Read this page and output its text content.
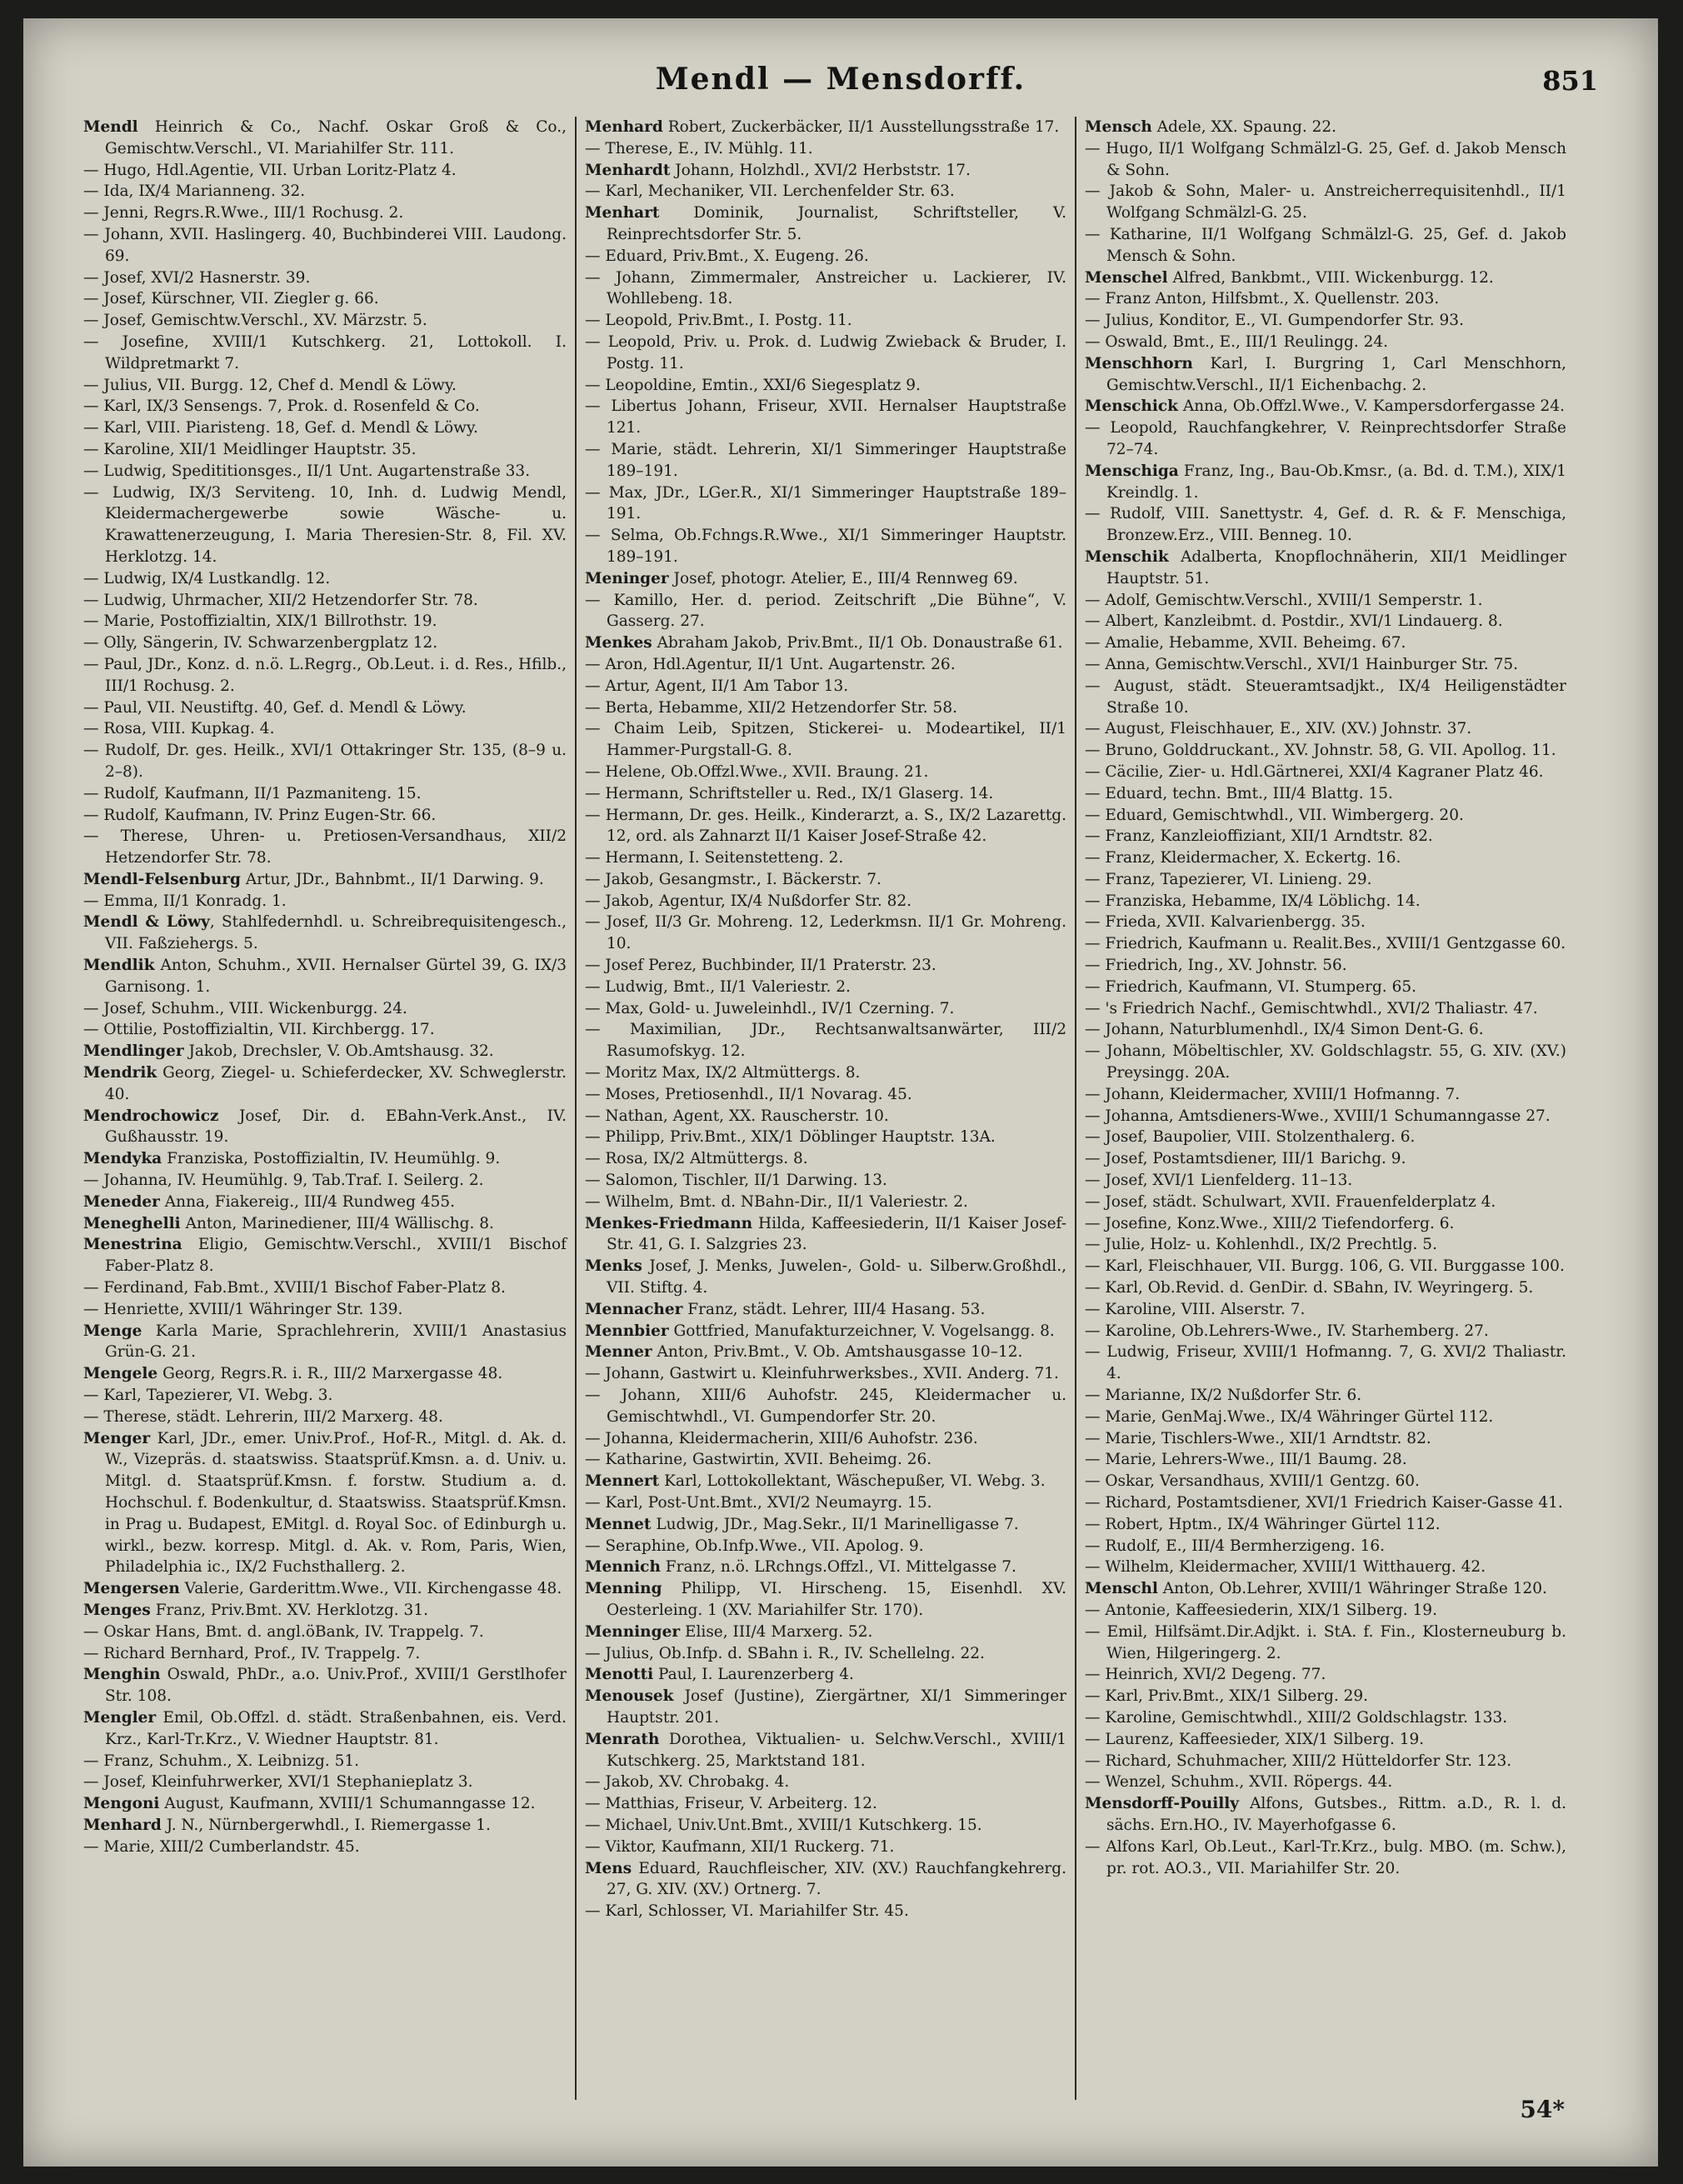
Mendl — Mensdorff.	851

Mendl Heinrich & Co., Nachf. Oskar Groß & Co., Gemischtw.Verschl., VI. Mariahilfer Str. 111.

— Hugo, Hdl.Agentie, VII. Urban Loritz-Platz 4.

— Ida, IX/4 Marianneng. 32.

— Jenni, Regrs.R.Wwe., III/1 Rochusg. 2.

— Johann, XVII. Haslingerg. 40, Buchbinderei VIII. Laudong. 69.

— Josef, XVI/2 Hasnerstr. 39.

— Josef, Kürschner, VII. Ziegler g. 66.

— Josef, Gemischtw.Verschl., XV. Märzstr. 5.

— Josefine, XVIII/1 Kutschkerg. 21, Lottokoll. I. Wildpretmarkt 7.

— Julius, VII. Burgg. 12, Chef d. Mendl & Löwy.

— Karl, IX/3 Sensengs. 7, Prok. d. Rosenfeld & Co.

— Karl, VIII. Piaristeng. 18, Gef. d. Mendl & Löwy.

— Karoline, XII/1 Meidlinger Hauptstr. 35.

— Ludwig, Spedititionsges., II/1 Unt. Augartenstraße 33.

— Ludwig, IX/3 Serviteng. 10, Inh. d. Ludwig Mendl, Kleidermachergewerbe sowie Wäsche- u. Krawattenerzeugung, I. Maria Theresien-Str. 8, Fil. XV. Herklotzg. 14.

— Ludwig, IX/4 Lustkandlg. 12.

— Ludwig, Uhrmacher, XII/2 Hetzendorfer Str. 78.

— Marie, Postoffizialtin, XIX/1 Billrothstr. 19.

— Olly, Sängerin, IV. Schwarzenbergplatz 12.

— Paul, JDr., Konz. d. n.ö. L.Regrg., Ob.Leut. i. d. Res., Hfilb., III/1 Rochusg. 2.

— Paul, VII. Neustiftg. 40, Gef. d. Mendl & Löwy.

— Rosa, VIII. Kupkag. 4.

— Rudolf, Dr. ges. Heilk., XVI/1 Ottakringer Str. 135, (8–9 u. 2–8).

— Rudolf, Kaufmann, II/1 Pazmaniteng. 15.

— Rudolf, Kaufmann, IV. Prinz Eugen-Str. 66.

— Therese, Uhren- u. Pretiosen-Versandhaus, XII/2 Hetzendorfer Str. 78.

Mendl-Felsenburg Artur, JDr., Bahnbmt., II/1 Darwing. 9.

— Emma, II/1 Konradg. 1.

Mendl & Löwy, Stahlfedernhdl. u. Schreibrequisitengesch., VII. Faßziehergs. 5.

Mendlik Anton, Schuhm., XVII. Hernalser Gürtel 39, G. IX/3 Garnisong. 1.

— Josef, Schuhm., VIII. Wickenburgg. 24.

— Ottilie, Postoffizialtin, VII. Kirchbergg. 17.

Mendlinger Jakob, Drechsler, V. Ob.Amtshausg. 32.

Mendrik Georg, Ziegel- u. Schieferdecker, XV. Schweglerstr. 40.

Mendrochowicz Josef, Dir. d. EBahn-Verk.Anst., IV. Gußhausstr. 19.

Mendyka Franziska, Postoffizialtin, IV. Heumühlg. 9.

— Johanna, IV. Heumühlg. 9, Tab.Traf. I. Seilerg. 2.

Meneder Anna, Fiakereig., III/4 Rundweg 455.

Meneghelli Anton, Marinediener, III/4 Wällischg. 8.

Menestrina Eligio, Gemischtw.Verschl., XVIII/1 Bischof Faber-Platz 8.

— Ferdinand, Fab.Bmt., XVIII/1 Bischof Faber-Platz 8.

— Henriette, XVIII/1 Währinger Str. 139.

Menge Karla Marie, Sprachlehrerin, XVIII/1 Anastasius Grün-G. 21.

Mengele Georg, Regrs.R. i. R., III/2 Marxergasse 48.

— Karl, Tapezierer, VI. Webg. 3.

— Therese, städt. Lehrerin, III/2 Marxerg. 48.

Menger Karl, JDr., emer. Univ.Prof., Hof-R., Mitgl. d. Ak. d. W., Vizepräs. d. staatswiss. Staatsprüf.Kmsn. a. d. Univ. u. Mitgl. d. Staatsprüf.Kmsn. f. forstw. Studium a. d. Hochschul. f. Bodenkultur, d. Staatswiss. Staatsprüf.Kmsn. in Prag u. Budapest, EMitgl. d. Royal Soc. of Edinburgh u. wirkl., bezw. korresp. Mitgl. d. Ak. v. Rom, Paris, Wien, Philadelphia ic., IX/2 Fuchsthallerg. 2.

Mengersen Valerie, Garderittm.Wwe., VII. Kirchengasse 48.

Menges Franz, Priv.Bmt. XV. Herklotzg. 31.

— Oskar Hans, Bmt. d. angl.öBank, IV. Trappelg. 7.

— Richard Bernhard, Prof., IV. Trappelg. 7.

Menghin Oswald, PhDr., a.o. Univ.Prof., XVIII/1 Gerstlhofer Str. 108.

Mengler Emil, Ob.Offzl. d. städt. Straßenbahnen, eis. Verd. Krz., Karl-Tr.Krz., V. Wiedner Hauptstr. 81.

— Franz, Schuhm., X. Leibnizg. 51.

— Josef, Kleinfuhrwerker, XVI/1 Stephanieplatz 3.

Mengoni August, Kaufmann, XVIII/1 Schumanngasse 12.

Menhard J. N., Nürnbergerwhdl., I. Riemergasse 1.

— Marie, XIII/2 Cumberlandstr. 45.

Menhard Robert, Zuckerbäcker, II/1 Ausstellungsstraße 17.

— Therese, E., IV. Mühlg. 11.

Menhardt Johann, Holzhdl., XVI/2 Herbststr. 17.

— Karl, Mechaniker, VII. Lerchenfelder Str. 63.

Menhart Dominik, Journalist, Schriftsteller, V. Reinprechtsdorfer Str. 5.

— Eduard, Priv.Bmt., X. Eugeng. 26.

— Johann, Zimmermaler, Anstreicher u. Lackierer, IV. Wohllebeng. 18.

— Leopold, Priv.Bmt., I. Postg. 11.

— Leopold, Priv. u. Prok. d. Ludwig Zwieback & Bruder, I. Postg. 11.

— Leopoldine, Emtin., XXI/6 Siegesplatz 9.

— Libertus Johann, Friseur, XVII. Hernalser Hauptstraße 121.

— Marie, städt. Lehrerin, XI/1 Simmeringer Hauptstraße 189–191.

— Max, JDr., LGer.R., XI/1 Simmeringer Hauptstraße 189–191.

— Selma, Ob.Fchngs.R.Wwe., XI/1 Simmeringer Hauptstr. 189–191.

Meninger Josef, photogr. Atelier, E., III/4 Rennweg 69.

— Kamillo, Her. d. period. Zeitschrift „Die Bühne“, V. Gasserg. 27.

Menkes Abraham Jakob, Priv.Bmt., II/1 Ob. Donaustraße 61.

— Aron, Hdl.Agentur, II/1 Unt. Augartenstr. 26.

— Artur, Agent, II/1 Am Tabor 13.

— Berta, Hebamme, XII/2 Hetzendorfer Str. 58.

— Chaim Leib, Spitzen, Stickerei- u. Modeartikel, II/1 Hammer-Purgstall-G. 8.

— Helene, Ob.Offzl.Wwe., XVII. Braung. 21.

— Hermann, Schriftsteller u. Red., IX/1 Glaserg. 14.

— Hermann, Dr. ges. Heilk., Kinderarzt, a. S., IX/2 Lazarettg. 12, ord. als Zahnarzt II/1 Kaiser Josef-Straße 42.

— Hermann, I. Seitenstetteng. 2.

— Jakob, Gesangmstr., I. Bäckerstr. 7.

— Jakob, Agentur, IX/4 Nußdorfer Str. 82.

— Josef, II/3 Gr. Mohreng. 12, Lederkmsn. II/1 Gr. Mohreng. 10.

— Josef Perez, Buchbinder, II/1 Praterstr. 23.

— Ludwig, Bmt., II/1 Valeriestr. 2.

— Max, Gold- u. Juweleinhdl., IV/1 Czerning. 7.

— Maximilian, JDr., Rechtsanwaltsanwärter, III/2 Rasumofskyg. 12.

— Moritz Max, IX/2 Altmüttergs. 8.

— Moses, Pretiosenhdl., II/1 Novarag. 45.

— Nathan, Agent, XX. Rauscherstr. 10.

— Philipp, Priv.Bmt., XIX/1 Döblinger Hauptstr. 13A.

— Rosa, IX/2 Altmüttergs. 8.

— Salomon, Tischler, II/1 Darwing. 13.

— Wilhelm, Bmt. d. NBahn-Dir., II/1 Valeriestr. 2.

Menkes-Friedmann Hilda, Kaffeesiederin, II/1 Kaiser Josef-Str. 41, G. I. Salzgries 23.

Menks Josef, J. Menks, Juwelen-, Gold- u. Silberw.Großhdl., VII. Stiftg. 4.

Mennacher Franz, städt. Lehrer, III/4 Hasang. 53.

Mennbier Gottfried, Manufakturzeichner, V. Vogelsangg. 8.

Menner Anton, Priv.Bmt., V. Ob. Amtshausgasse 10–12.

— Johann, Gastwirt u. Kleinfuhrwerksbes., XVII. Anderg. 71.

— Johann, XIII/6 Auhofstr. 245, Kleidermacher u. Gemischtwhdl., VI. Gumpendorfer Str. 20.

— Johanna, Kleidermacherin, XIII/6 Auhofstr. 236.

— Katharine, Gastwirtin, XVII. Beheimg. 26.

Mennert Karl, Lottokollektant, Wäschepußer, VI. Webg. 3.

— Karl, Post-Unt.Bmt., XVI/2 Neumayrg. 15.

Mennet Ludwig, JDr., Mag.Sekr., II/1 Marinelligasse 7.

— Seraphine, Ob.Infp.Wwe., VII. Apolog. 9.

Mennich Franz, n.ö. LRchngs.Offzl., VI. Mittelgasse 7.

Menning Philipp, VI. Hirscheng. 15, Eisenhdl. XV. Oesterleing. 1 (XV. Mariahilfer Str. 170).

Menninger Elise, III/4 Marxerg. 52.

— Julius, Ob.Infp. d. SBahn i. R., IV. Schellelng. 22.

Menotti Paul, I. Laurenzerberg 4.

Menousek Josef (Justine), Ziergärtner, XI/1 Simmeringer Hauptstr. 201.

Menrath Dorothea, Viktualien- u. Selchw.Verschl., XVIII/1 Kutschkerg. 25, Marktstand 181.

— Jakob, XV. Chrobakg. 4.

— Matthias, Friseur, V. Arbeiterg. 12.

— Michael, Univ.Unt.Bmt., XVIII/1 Kutschkerg. 15.

— Viktor, Kaufmann, XII/1 Ruckerg. 71.

Mens Eduard, Rauchfleischer, XIV. (XV.) Rauchfangkehrerg. 27, G. XIV. (XV.) Ortnerg. 7.

— Karl, Schlosser, VI. Mariahilfer Str. 45.

Mensch Adele, XX. Spaung. 22.

— Hugo, II/1 Wolfgang Schmälzl-G. 25, Gef. d. Jakob Mensch & Sohn.

— Jakob & Sohn, Maler- u. Anstreicherrequisitenhdl., II/1 Wolfgang Schmälzl-G. 25.

— Katharine, II/1 Wolfgang Schmälzl-G. 25, Gef. d. Jakob Mensch & Sohn.

Menschel Alfred, Bankbmt., VIII. Wickenburgg. 12.

— Franz Anton, Hilfsbmt., X. Quellenstr. 203.

— Julius, Konditor, E., VI. Gumpendorfer Str. 93.

— Oswald, Bmt., E., III/1 Reulingg. 24.

Menschhorn Karl, I. Burgring 1, Carl Menschhorn, Gemischtw.Verschl., II/1 Eichenbachg. 2.

Menschick Anna, Ob.Offzl.Wwe., V. Kampersdorfergasse 24.

— Leopold, Rauchfangkehrer, V. Reinprechtsdorfer Straße 72–74.

Menschiga Franz, Ing., Bau-Ob.Kmsr., (a. Bd. d. T.M.), XIX/1 Kreindlg. 1.

— Rudolf, VIII. Sanettystr. 4, Gef. d. R. & F. Menschiga, Bronzew.Erz., VIII. Benneg. 10.

Menschik Adalberta, Knopflochnäherin, XII/1 Meidlinger Hauptstr. 51.

— Adolf, Gemischtw.Verschl., XVIII/1 Semperstr. 1.

— Albert, Kanzleibmt. d. Postdir., XVI/1 Lindauerg. 8.

— Amalie, Hebamme, XVII. Beheimg. 67.

— Anna, Gemischtw.Verschl., XVI/1 Hainburger Str. 75.

— August, städt. Steueramtsadjkt., IX/4 Heiligenstädter Straße 10.

— August, Fleischhauer, E., XIV. (XV.) Johnstr. 37.

— Bruno, Golddruckant., XV. Johnstr. 58, G. VII. Apollog. 11.

— Cäcilie, Zier- u. Hdl.Gärtnerei, XXI/4 Kagraner Platz 46.

— Eduard, techn. Bmt., III/4 Blattg. 15.

— Eduard, Gemischtwhdl., VII. Wimbergerg. 20.

— Franz, Kanzleioffiziant, XII/1 Arndtstr. 82.

— Franz, Kleidermacher, X. Eckertg. 16.

— Franz, Tapezierer, VI. Linieng. 29.

— Franziska, Hebamme, IX/4 Löblichg. 14.

— Frieda, XVII. Kalvarienbergg. 35.

— Friedrich, Kaufmann u. Realit.Bes., XVIII/1 Gentzgasse 60.

— Friedrich, Ing., XV. Johnstr. 56.

— Friedrich, Kaufmann, VI. Stumperg. 65.

— 's Friedrich Nachf., Gemischtwhdl., XVI/2 Thaliastr. 47.

— Johann, Naturblumenhdl., IX/4 Simon Dent-G. 6.

— Johann, Möbeltischler, XV. Goldschlagstr. 55, G. XIV. (XV.) Preysingg. 20A.

— Johann, Kleidermacher, XVIII/1 Hofmanng. 7.

— Johanna, Amtsdieners-Wwe., XVIII/1 Schumanngasse 27.

— Josef, Baupolier, VIII. Stolzenthalerg. 6.

— Josef, Postamtsdiener, III/1 Barichg. 9.

— Josef, XVI/1 Lienfelderg. 11–13.

— Josef, städt. Schulwart, XVII. Frauenfelderplatz 4.

— Josefine, Konz.Wwe., XIII/2 Tiefendorferg. 6.

— Julie, Holz- u. Kohlenhdl., IX/2 Prechtlg. 5.

— Karl, Fleischhauer, VII. Burgg. 106, G. VII. Burggasse 100.

— Karl, Ob.Revid. d. GenDir. d. SBahn, IV. Weyringerg. 5.

— Karoline, VIII. Alserstr. 7.

— Karoline, Ob.Lehrers-Wwe., IV. Starhemberg. 27.

— Ludwig, Friseur, XVIII/1 Hofmanng. 7, G. XVI/2 Thaliastr. 4.

— Marianne, IX/2 Nußdorfer Str. 6.

— Marie, GenMaj.Wwe., IX/4 Währinger Gürtel 112.

— Marie, Tischlers-Wwe., XII/1 Arndtstr. 82.

— Marie, Lehrers-Wwe., III/1 Baumg. 28.

— Oskar, Versandhaus, XVIII/1 Gentzg. 60.

— Richard, Postamtsdiener, XVI/1 Friedrich Kaiser-Gasse 41.

— Robert, Hptm., IX/4 Währinger Gürtel 112.

— Rudolf, E., III/4 Bermherzigeng. 16.

— Wilhelm, Kleidermacher, XVIII/1 Witthauerg. 42.

Menschl Anton, Ob.Lehrer, XVIII/1 Währinger Straße 120.

— Antonie, Kaffeesiederin, XIX/1 Silberg. 19.

— Emil, Hilfsämt.Dir.Adjkt. i. StA. f. Fin., Klosterneuburg b. Wien, Hilgeringerg. 2.

— Heinrich, XVI/2 Degeng. 77.

— Karl, Priv.Bmt., XIX/1 Silberg. 29.

— Karoline, Gemischtwhdl., XIII/2 Goldschlagstr. 133.

— Laurenz, Kaffeesieder, XIX/1 Silberg. 19.

— Richard, Schuhmacher, XIII/2 Hütteldorfer Str. 123.

— Wenzel, Schuhm., XVII. Röpergs. 44.

Mensdorff-Pouilly Alfons, Gutsbes., Rittm. a.D., R. l. d. sächs. Ern.HO., IV. Mayerhofgasse 6.

— Alfons Karl, Ob.Leut., Karl-Tr.Krz., bulg. MBO. (m. Schw.), pr. rot. AO.3., VII. Mariahilfer Str. 20.

54*
